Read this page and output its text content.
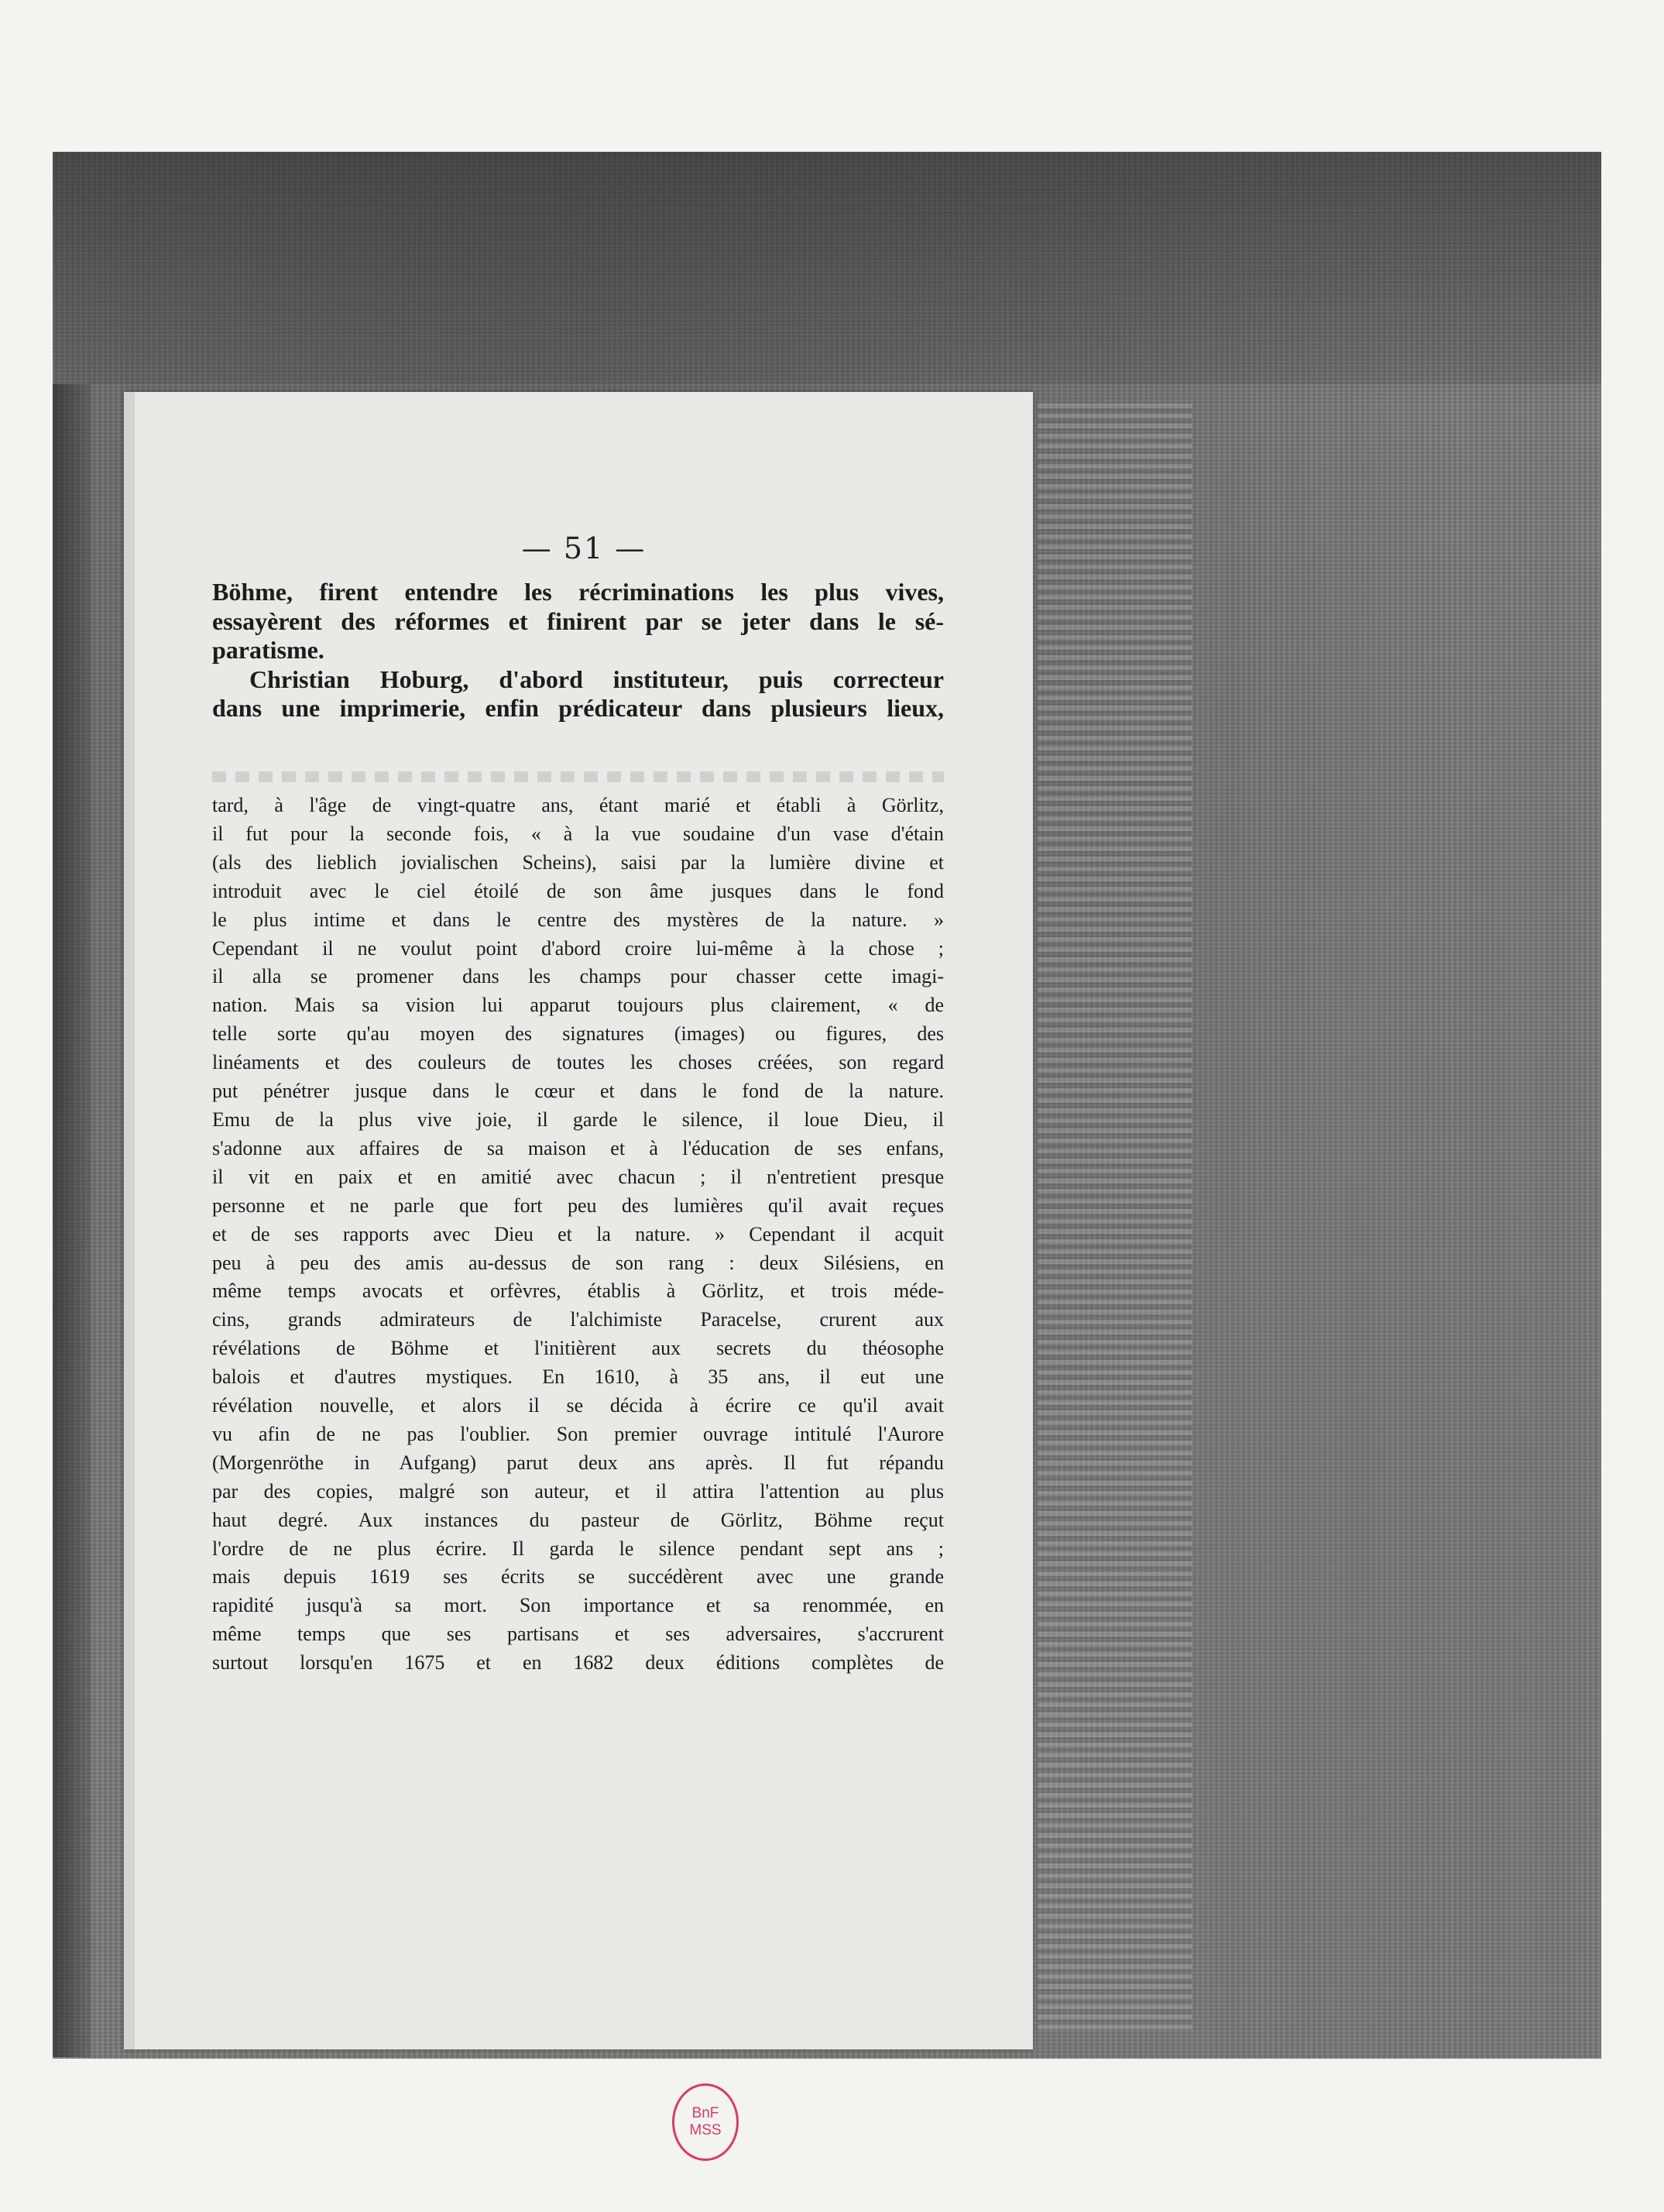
— 51 —
Böhme, firent entendre les récriminations les plus vives,
essayèrent des réformes et finirent par se jeter dans le sé-
paratisme.
Christian Hoburg, d'abord instituteur, puis correcteur
dans une imprimerie, enfin prédicateur dans plusieurs lieux,
tard, à l'âge de vingt-quatre ans, étant marié et établi à Görlitz,
il fut pour la seconde fois, « à la vue soudaine d'un vase d'étain
(als des lieblich jovialischen Scheins), saisi par la lumière divine et
introduit avec le ciel étoilé de son âme jusques dans le fond
le plus intime et dans le centre des mystères de la nature. »
Cependant il ne voulut point d'abord croire lui-même à la chose ;
il alla se promener dans les champs pour chasser cette imagi-
nation. Mais sa vision lui apparut toujours plus clairement, « de
telle sorte qu'au moyen des signatures (images) ou figures, des
linéaments et des couleurs de toutes les choses créées, son regard
put pénétrer jusque dans le cœur et dans le fond de la nature.
Emu de la plus vive joie, il garde le silence, il loue Dieu, il
s'adonne aux affaires de sa maison et à l'éducation de ses enfans,
il vit en paix et en amitié avec chacun ; il n'entretient presque
personne et ne parle que fort peu des lumières qu'il avait reçues
et de ses rapports avec Dieu et la nature. » Cependant il acquit
peu à peu des amis au-dessus de son rang : deux Silésiens, en
même temps avocats et orfèvres, établis à Görlitz, et trois méde-
cins, grands admirateurs de l'alchimiste Paracelse, crurent aux
révélations de Böhme et l'initièrent aux secrets du théosophe
balois et d'autres mystiques. En 1610, à 35 ans, il eut une
révélation nouvelle, et alors il se décida à écrire ce qu'il avait
vu afin de ne pas l'oublier. Son premier ouvrage intitulé l'Aurore
(Morgenröthe in Aufgang) parut deux ans après. Il fut répandu
par des copies, malgré son auteur, et il attira l'attention au plus
haut degré. Aux instances du pasteur de Görlitz, Böhme reçut
l'ordre de ne plus écrire. Il garda le silence pendant sept ans ;
mais depuis 1619 ses écrits se succédèrent avec une grande
rapidité jusqu'à sa mort. Son importance et sa renommée, en
même temps que ses partisans et ses adversaires, s'accrurent
surtout lorsqu'en 1675 et en 1682 deux éditions complètes de
BnF
MSS
